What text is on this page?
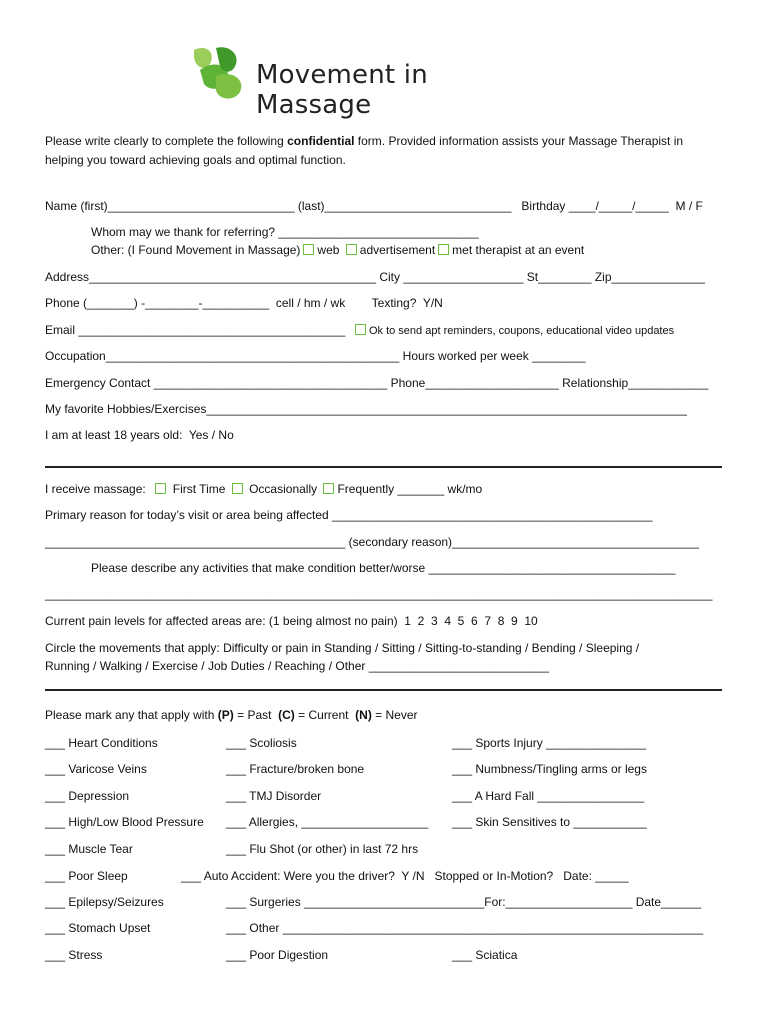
Movement in Massage
Please write clearly to complete the following confidential form. Provided information assists your Massage Therapist in
helping you toward achieving goals and optimal function.
Name (first)____________________________ (last)____________________________   Birthday ____/_____/_____  M / F
Whom may we thank for referring? ______________________________
Other: (I Found Movement in Massage) web advertisement met therapist at an event
Address___________________________________________ City __________________ St________ Zip______________
Phone (_______) -________-__________  cell / hm / wk        Texting?  Y/N
Email ________________________________________ Ok to send apt reminders, coupons, educational video updates
Occupation____________________________________________ Hours worked per week ________
Emergency Contact ___________________________________ Phone____________________ Relationship____________
My favorite Hobbies/Exercises________________________________________________________________________
I am at least 18 years old:  Yes / No
I receive massage: First Time Occasionally Frequently _______ wk/mo
Primary reason for today’s visit or area being affected ________________________________________________
_____________________________________________ (secondary reason)_____________________________________
Please describe any activities that make condition better/worse _____________________________________
____________________________________________________________________________________________________
Current pain levels for affected areas are: (1 being almost no pain)  1  2  3  4  5  6  7  8  9  10
Circle the movements that apply: Difficulty or pain in Standing / Sitting / Sitting-to-standing / Bending / Sleeping /
Running / Walking / Exercise / Job Duties / Reaching / Other ___________________________
Please mark any that apply with (P) = Past  (C) = Current  (N) = Never
___ Heart Conditions	___ Scoliosis	___ Sports Injury _______________
___ Varicose Veins	___ Fracture/broken bone	___ Numbness/Tingling arms or legs
___ Depression	___ TMJ Disorder	___ A Hard Fall ________________
___ High/Low Blood Pressure ___ Allergies, ___________________ ___ Skin Sensitives to ___________
___ Muscle Tear	___ Flu Shot (or other) in last 72 hrs
___ Poor Sleep	___ Auto Accident: Were you the driver?  Y /N   Stopped or In-Motion?   Date: _____
___ Epilepsy/Seizures	___ Surgeries ___________________________For:___________________ Date______
___ Stomach Upset	___ Other _______________________________________________________________
___ Stress	___ Poor Digestion	___ Sciatica
